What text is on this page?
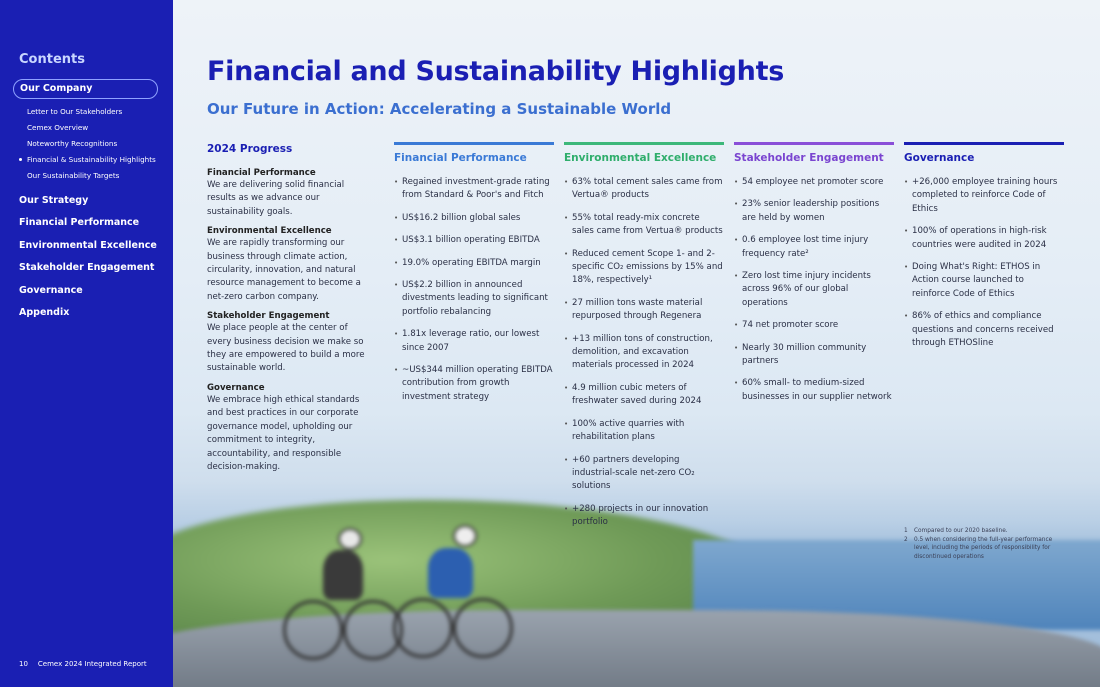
Contents
Our Company
Letter to Our Stakeholders
Cemex Overview
Noteworthy Recognitions
Financial & Sustainability Highlights
Our Sustainability Targets
Our Strategy
Financial Performance
Environmental Excellence
Stakeholder Engagement
Governance
Appendix
10 Cemex 2024 Integrated Report
Financial and Sustainability Highlights
Our Future in Action: Accelerating a Sustainable World
2024 Progress
Financial Performance

We are delivering solid financial results as we advance our sustainability goals.

Environmental Excellence

We are rapidly transforming our business through climate action, circularity, innovation, and natural resource management to become a net-zero carbon company.

Stakeholder Engagement

We place people at the center of every business decision we make so they are empowered to build a more sustainable world.

Governance

We embrace high ethical standards and best practices in our corporate governance model, upholding our commitment to integrity, accountability, and responsible decision-making.

Financial Performance
• Regained investment-grade rating from Standard & Poor's and Fitch
• US$16.2 billion global sales
• US$3.1 billion operating EBITDA
• 19.0% operating EBITDA margin
• US$2.2 billion in announced divestments leading to significant portfolio rebalancing
• 1.81x leverage ratio, our lowest since 2007
• ~US$344 million operating EBITDA contribution from growth investment strategy
Environmental Excellence
• 63% total cement sales came from Vertua® products
• 55% total ready-mix concrete sales came from Vertua® products
• Reduced cement Scope 1- and 2-specific CO₂ emissions by 15% and 18%, respectively¹
• 27 million tons waste material repurposed through Regenera
• +13 million tons of construction, demolition, and excavation materials processed in 2024
• 4.9 million cubic meters of freshwater saved during 2024
• 100% active quarries with rehabilitation plans
• +60 partners developing industrial-scale net-zero CO₂ solutions
• +280 projects in our innovation portfolio
Stakeholder Engagement
• 54 employee net promoter score
• 23% senior leadership positions are held by women
• 0.6 employee lost time injury frequency rate²
• Zero lost time injury incidents across 96% of our global operations
• 74 net promoter score
• Nearly 30 million community partners
• 60% small- to medium-sized businesses in our supplier network
Governance
• +26,000 employee training hours completed to reinforce Code of Ethics
• 100% of operations in high-risk countries were audited in 2024
• Doing What's Right: ETHOS in Action course launched to reinforce Code of Ethics
• 86% of ethics and compliance questions and concerns received through ETHOSline
1 Compared to our 2020 baseline.
2 0.5 when considering the full-year performance level, including the periods of responsibility for discontinued operations
